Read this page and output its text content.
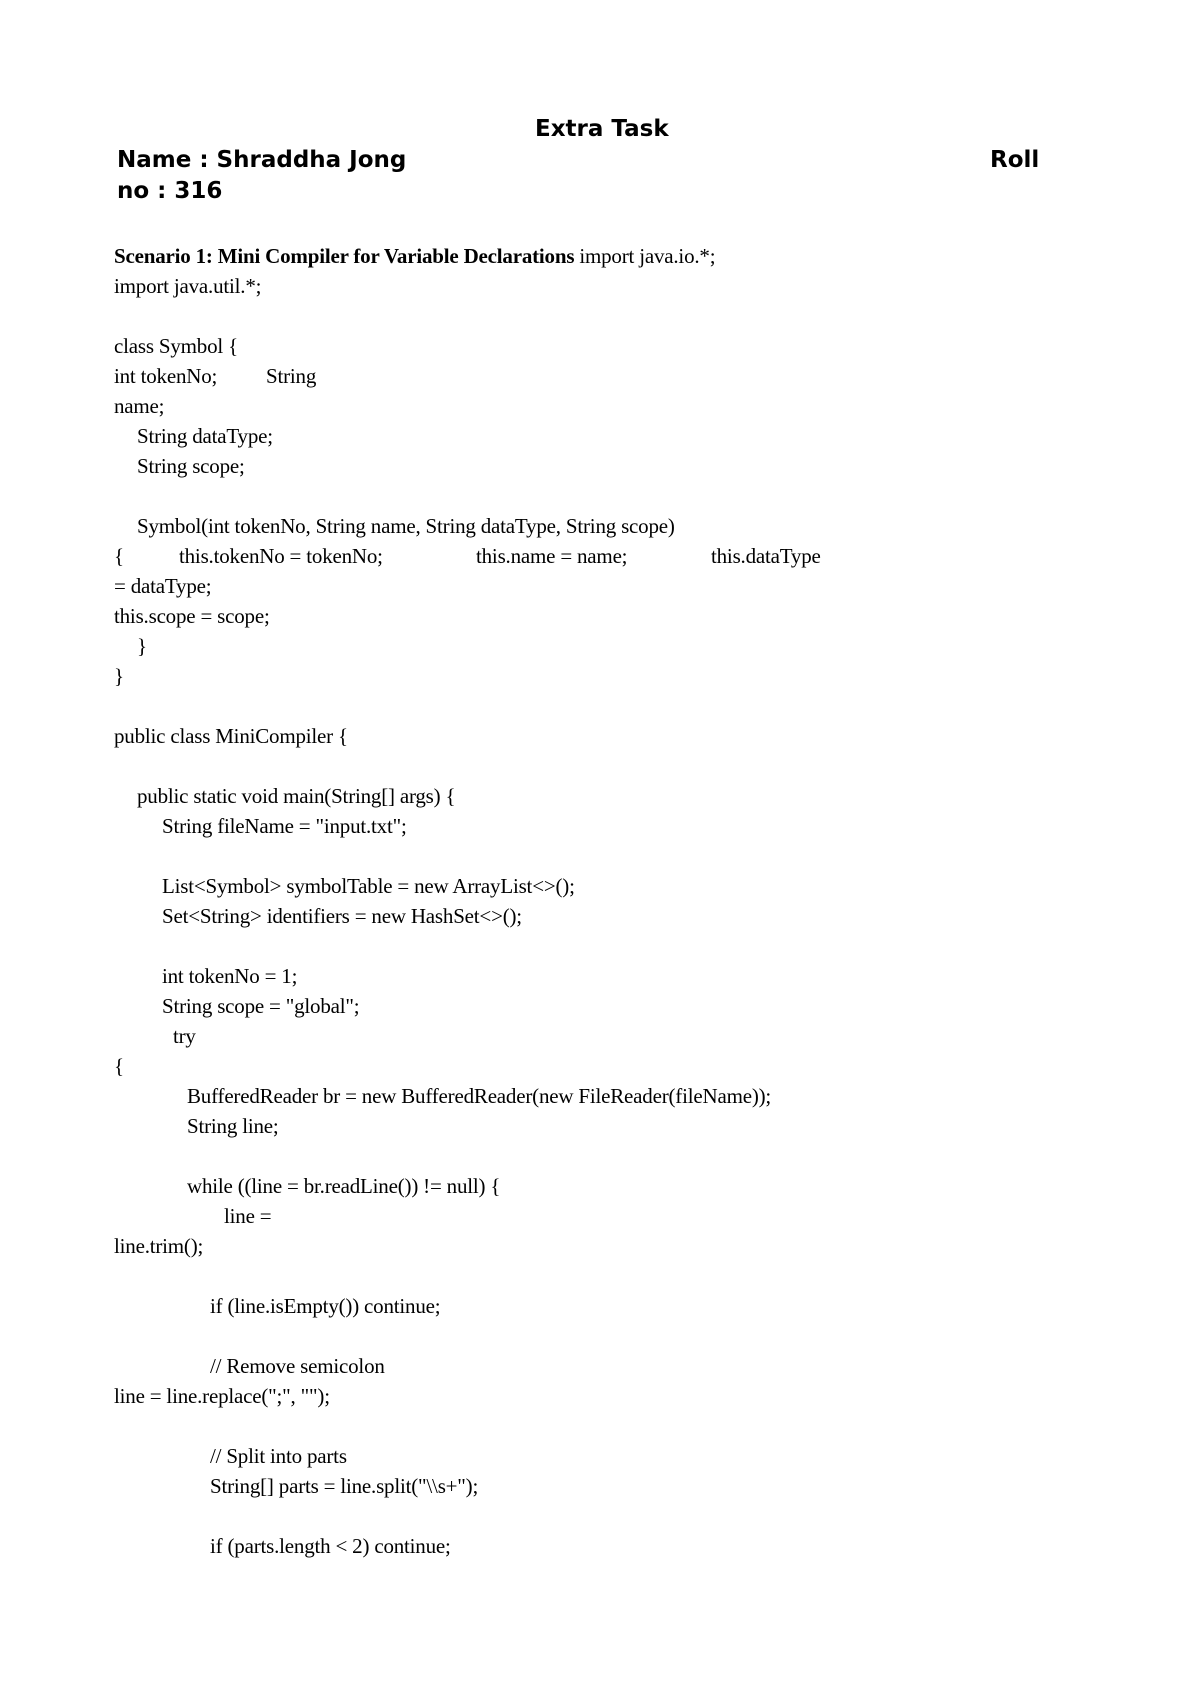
Extra Task
Name : Shraddha Jong	Roll
no : 316
Scenario 1: Mini Compiler for Variable Declarations import java.io.*;
import java.util.*;
class Symbol {
int tokenNo; String
name;
String dataType;
String scope;
Symbol(int tokenNo, String name, String dataType, String scope)
{	this.tokenNo = tokenNo;	this.name = name;	this.dataType
= dataType;
this.scope = scope;
}
}
public class MiniCompiler {
public static void main(String[] args) {
String fileName = "input.txt";
List<Symbol> symbolTable = new ArrayList<>();
Set<String> identifiers = new HashSet<>();
int tokenNo = 1;
String scope = "global";
try
{
BufferedReader br = new BufferedReader(new FileReader(fileName));
String line;
while ((line = br.readLine()) != null) {
line =
line.trim();
if (line.isEmpty()) continue;
// Remove semicolon
line = line.replace(";", "");
// Split into parts
String[] parts = line.split("\\s+");
if (parts.length < 2) continue;
